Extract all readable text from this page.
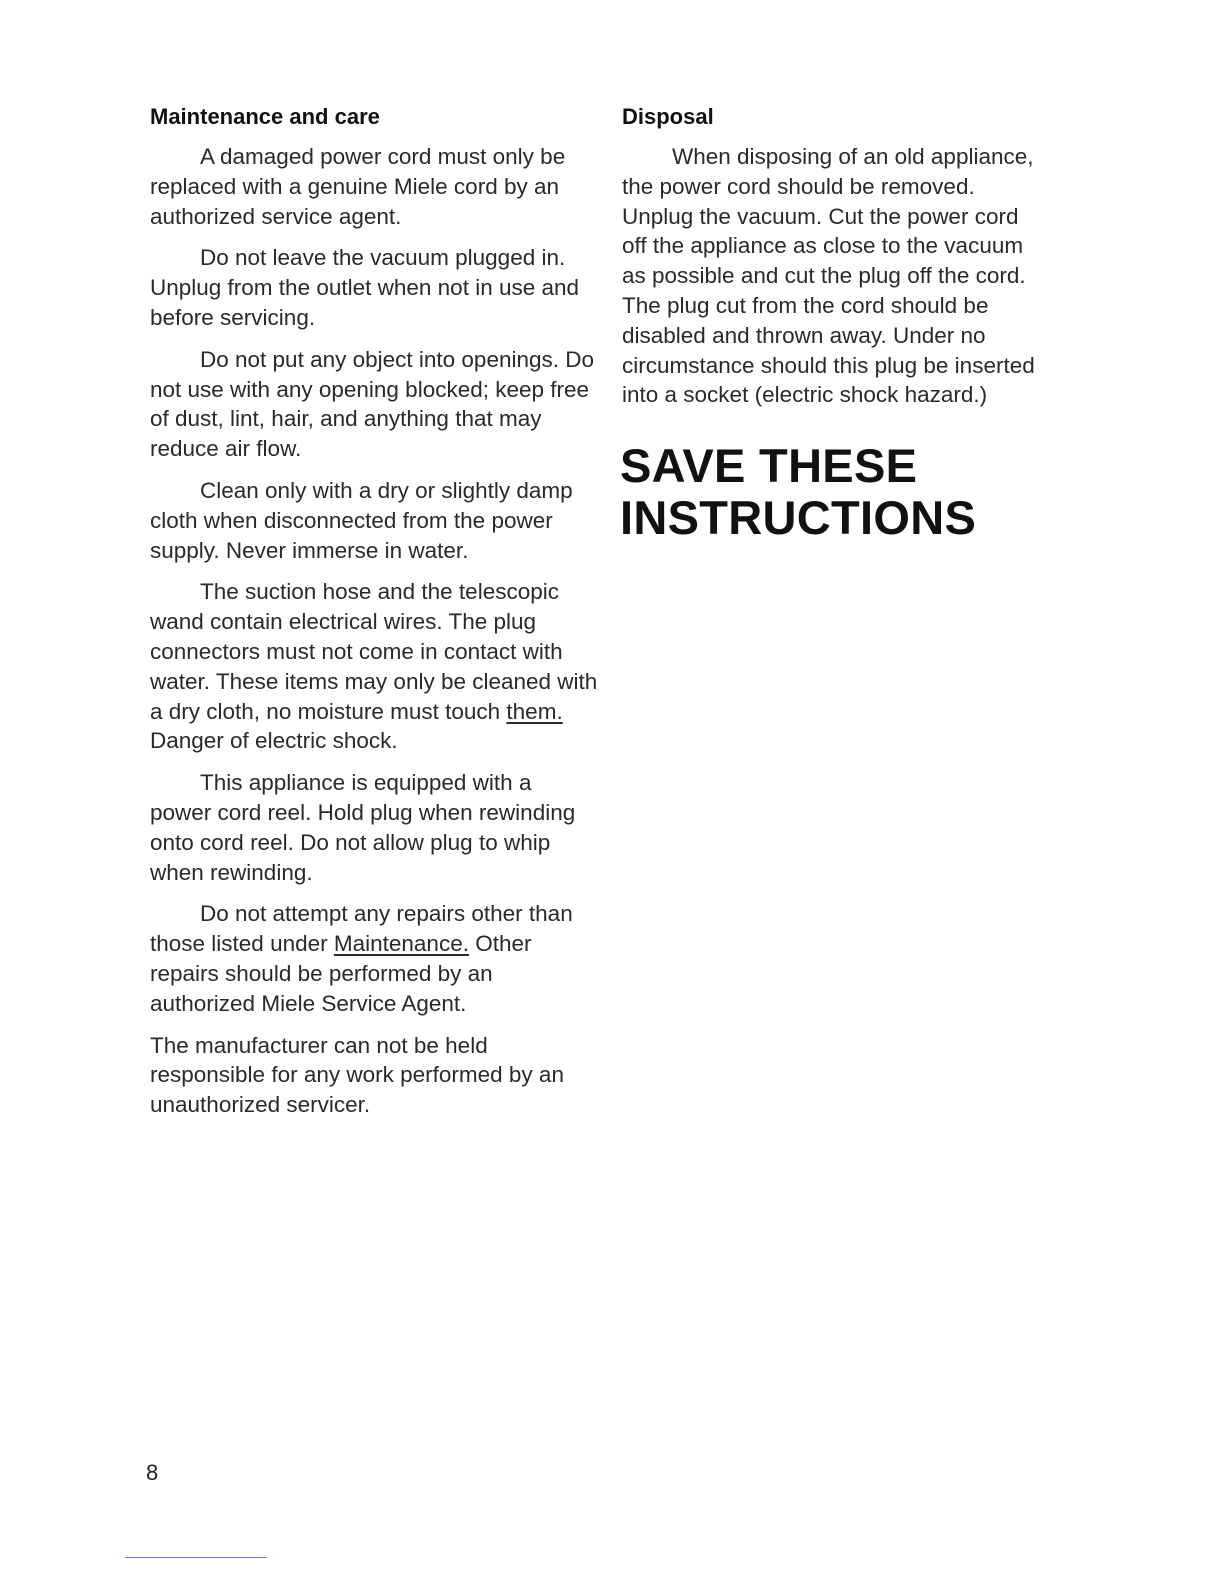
Maintenance and care

A damaged power cord must only be replaced with a genuine Miele cord by an authorized service agent.

Do not leave the vacuum plugged in. Unplug from the outlet when not in use and before servicing.

Do not put any object into openings. Do not use with any opening blocked; keep free of dust, lint, hair, and anything that may reduce air flow.

Clean only with a dry or slightly damp cloth when disconnected from the power supply. Never immerse in water.

The suction hose and the telescopic wand contain electrical wires. The plug connectors must not come in contact with water. These items may only be cleaned with a dry cloth, no moisture must touch them. Danger of electric shock.

This appliance is equipped with a power cord reel. Hold plug when rewinding onto cord reel. Do not allow plug to whip when rewinding.

Do not attempt any repairs other than those listed under Maintenance. Other repairs should be performed by an authorized Miele Service Agent.

The manufacturer can not be held responsible for any work performed by an unauthorized servicer.

Disposal

When disposing of an old appliance, the power cord should be removed. Unplug the vacuum. Cut the power cord off the appliance as close to the vacuum as possible and cut the plug off the cord. The plug cut from the cord should be disabled and thrown away. Under no circumstance should this plug be inserted into a socket (electric shock hazard.)

SAVE THESE
INSTRUCTIONS
8
